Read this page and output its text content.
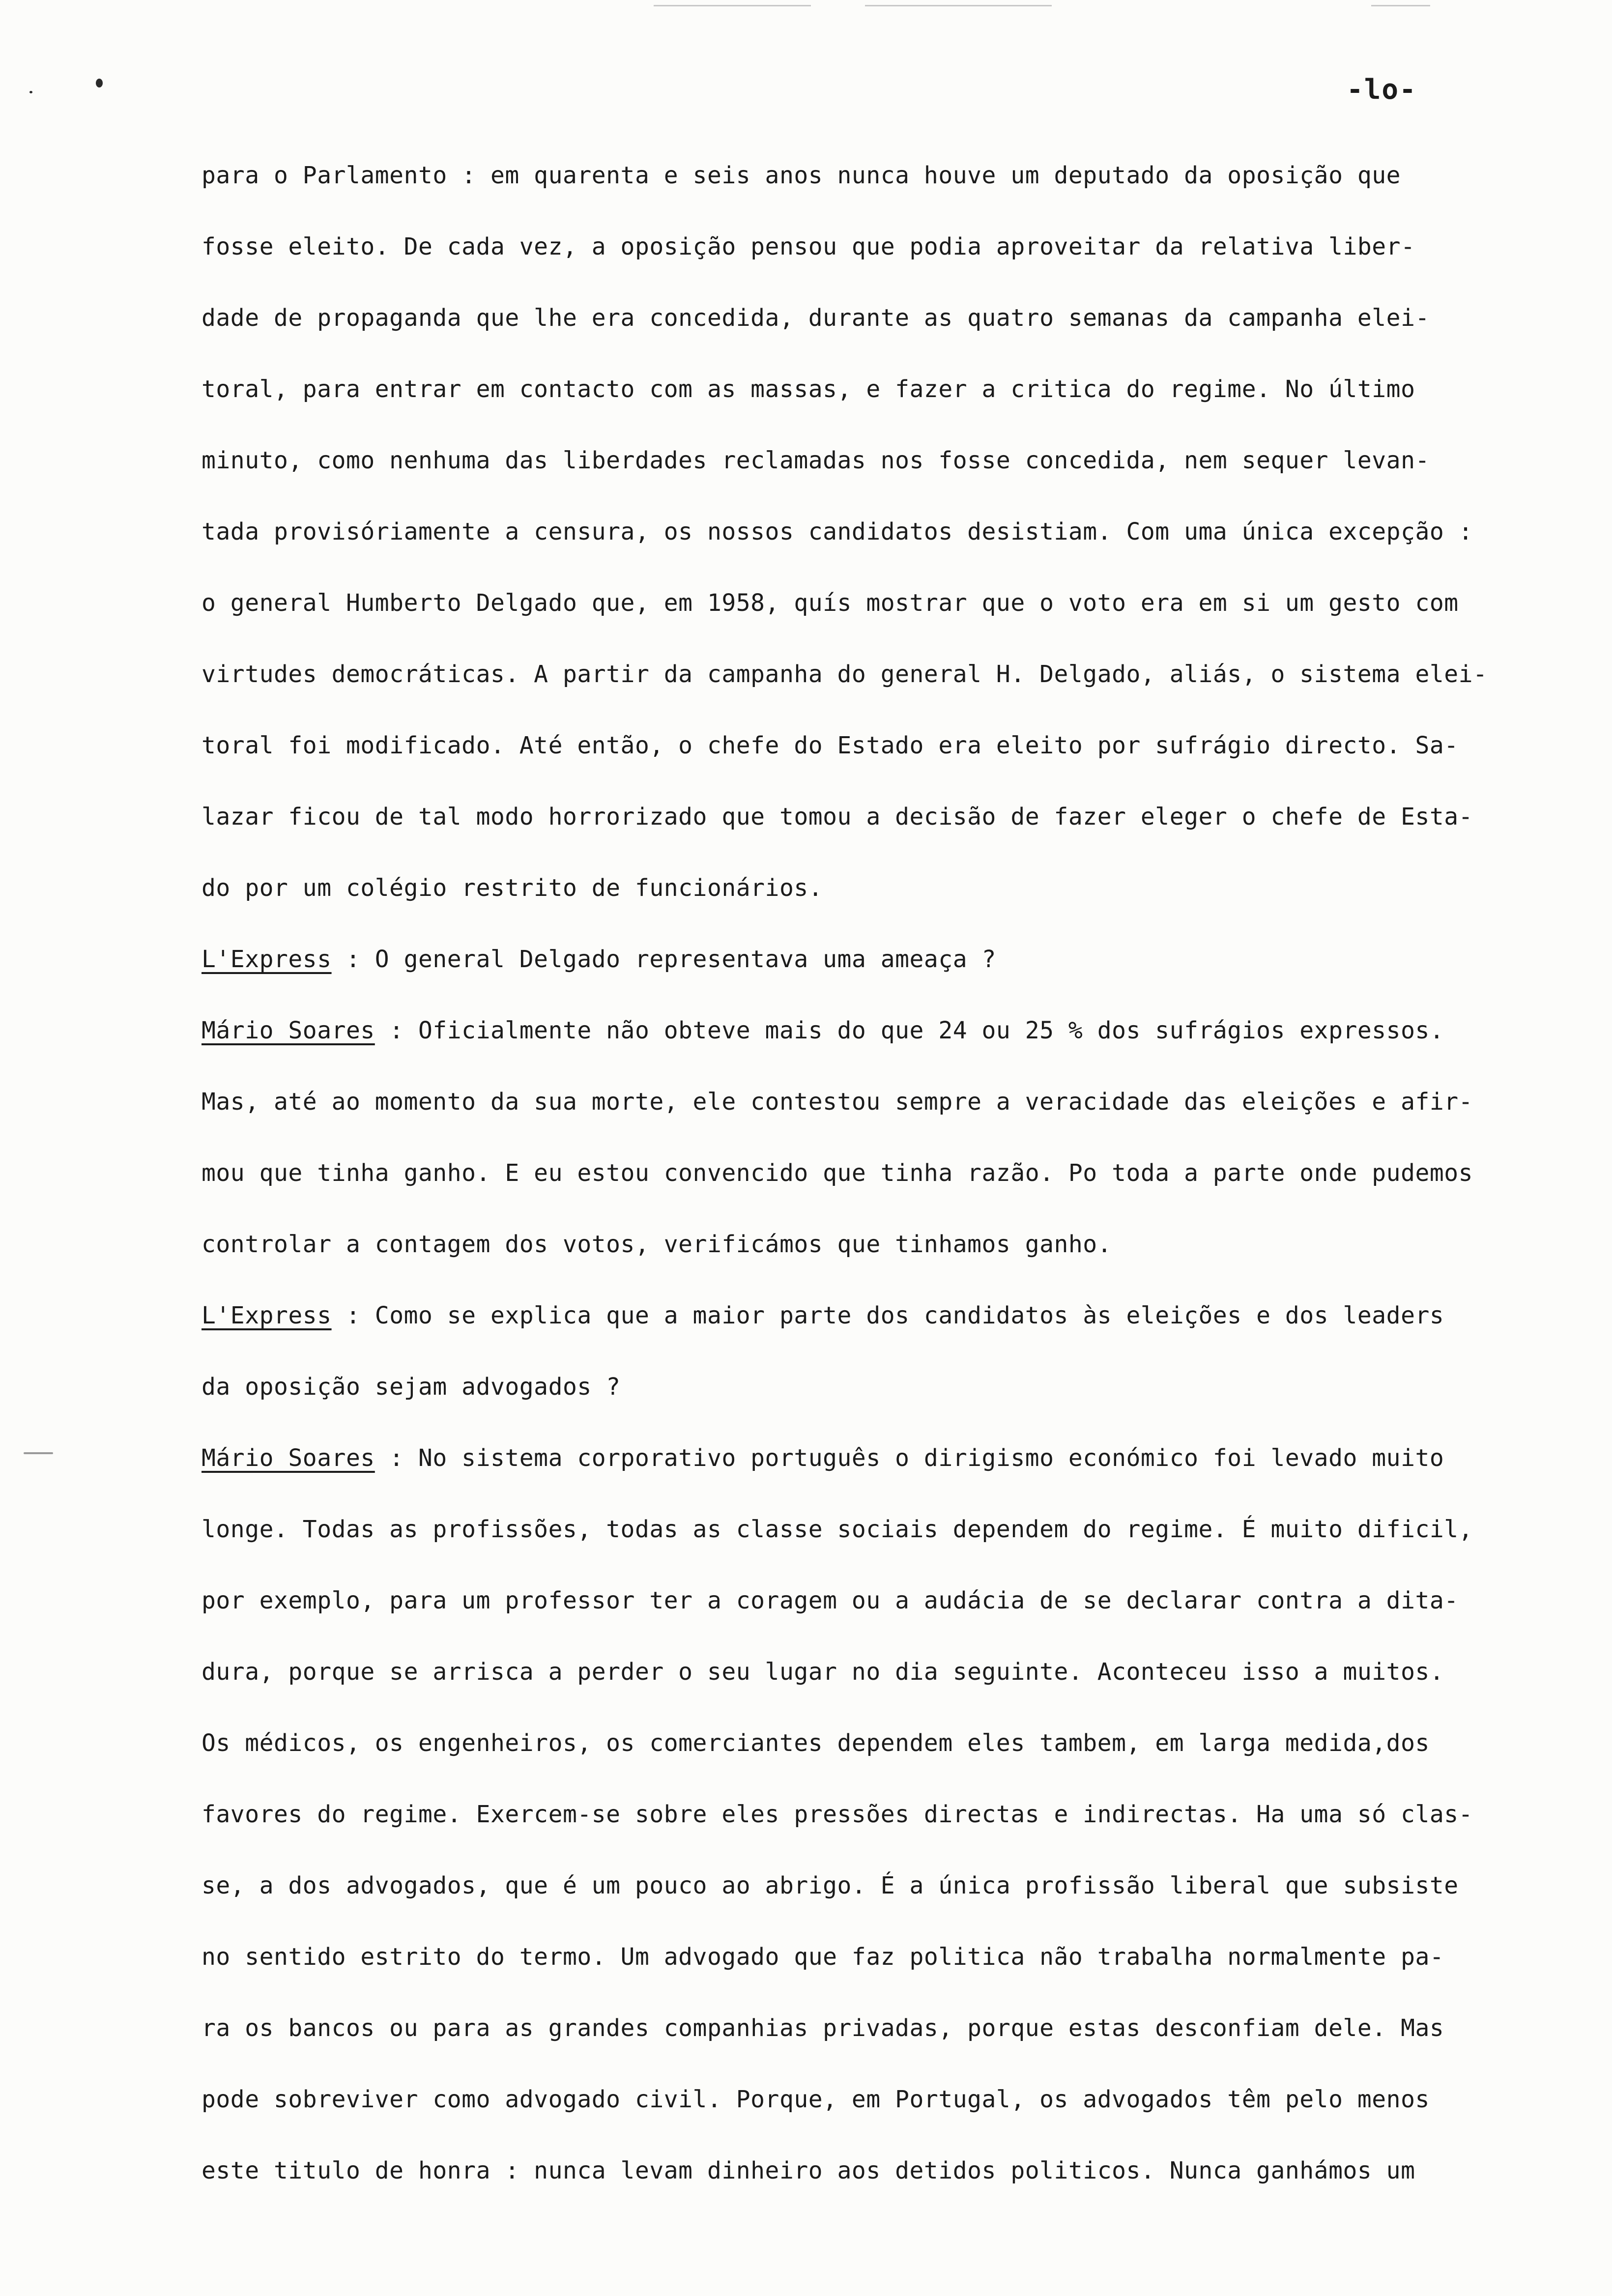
-lo-
para o Parlamento : em quarenta e seis anos nunca houve um deputado da oposição que
fosse eleito. De cada vez, a oposição pensou que podia aproveitar da relativa liber-
dade de propaganda que lhe era concedida, durante as quatro semanas da campanha elei-
toral, para entrar em contacto com as massas, e fazer a critica do regime. No último
minuto, como nenhuma das liberdades reclamadas nos fosse concedida, nem sequer levan-
tada provisóriamente a censura, os nossos candidatos desistiam. Com uma única excepção :
o general Humberto Delgado que, em 1958, quís mostrar que o voto era em si um gesto com
virtudes democráticas. A partir da campanha do general H. Delgado, aliás, o sistema elei-
toral foi modificado. Até então, o chefe do Estado era eleito por sufrágio directo. Sa-
lazar ficou de tal modo horrorizado que tomou a decisão de fazer eleger o chefe de Esta-
do por um colégio restrito de funcionários.
L'Express : O general Delgado representava uma ameaça ?
Mário Soares : Oficialmente não obteve mais do que 24 ou 25 % dos sufrágios expressos.
Mas, até ao momento da sua morte, ele contestou sempre a veracidade das eleições e afir-
mou que tinha ganho. E eu estou convencido que tinha razão. Po toda a parte onde pudemos
controlar a contagem dos votos, verificámos que tinhamos ganho.
L'Express : Como se explica que a maior parte dos candidatos às eleições e dos leaders
da oposição sejam advogados ?
Mário Soares : No sistema corporativo português o dirigismo económico foi levado muito
longe. Todas as profissões, todas as classe sociais dependem do regime. É muito dificil,
por exemplo, para um professor ter a coragem ou a audácia de se declarar contra a dita-
dura, porque se arrisca a perder o seu lugar no dia seguinte. Aconteceu isso a muitos.
Os médicos, os engenheiros, os comerciantes dependem eles tambem, em larga medida,dos
favores do regime. Exercem-se sobre eles pressões directas e indirectas. Ha uma só clas-
se, a dos advogados, que é um pouco ao abrigo. É a única profissão liberal que subsiste
no sentido estrito do termo. Um advogado que faz politica não trabalha normalmente pa-
ra os bancos ou para as grandes companhias privadas, porque estas desconfiam dele. Mas
pode sobreviver como advogado civil. Porque, em Portugal, os advogados têm pelo menos
este titulo de honra : nunca levam dinheiro aos detidos politicos. Nunca ganhámos um
